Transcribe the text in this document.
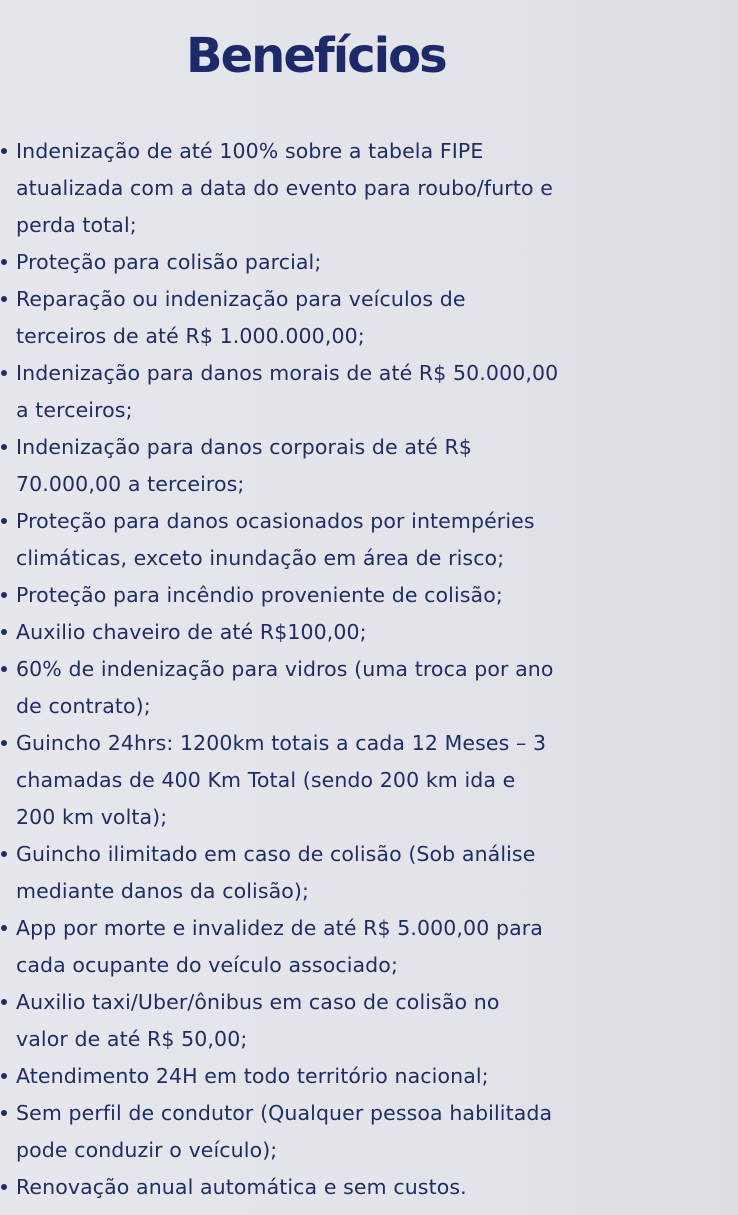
Benefícios
Indenização de até 100% sobre a tabela FIPE
atualizada com a data do evento para roubo/furto e
perda total;
Proteção para colisão parcial;
Reparação ou indenização para veículos de
terceiros de até R$ 1.000.000,00;
Indenização para danos morais de até R$ 50.000,00
a terceiros;
Indenização para danos corporais de até R$
70.000,00 a terceiros;
Proteção para danos ocasionados por intempéries
climáticas, exceto inundação em área de risco;
Proteção para incêndio proveniente de colisão;
Auxilio chaveiro de até R$100,00;
60% de indenização para vidros (uma troca por ano
de contrato);
Guincho 24hrs: 1200km totais a cada 12 Meses – 3
chamadas de 400 Km Total (sendo 200 km ida e
200 km volta);
Guincho ilimitado em caso de colisão (Sob análise
mediante danos da colisão);
App por morte e invalidez de até R$ 5.000,00 para
cada ocupante do veículo associado;
Auxilio taxi/Uber/ônibus em caso de colisão no
valor de até R$ 50,00;
Atendimento 24H em todo território nacional;
Sem perfil de condutor (Qualquer pessoa habilitada
pode conduzir o veículo);
Renovação anual automática e sem custos.
